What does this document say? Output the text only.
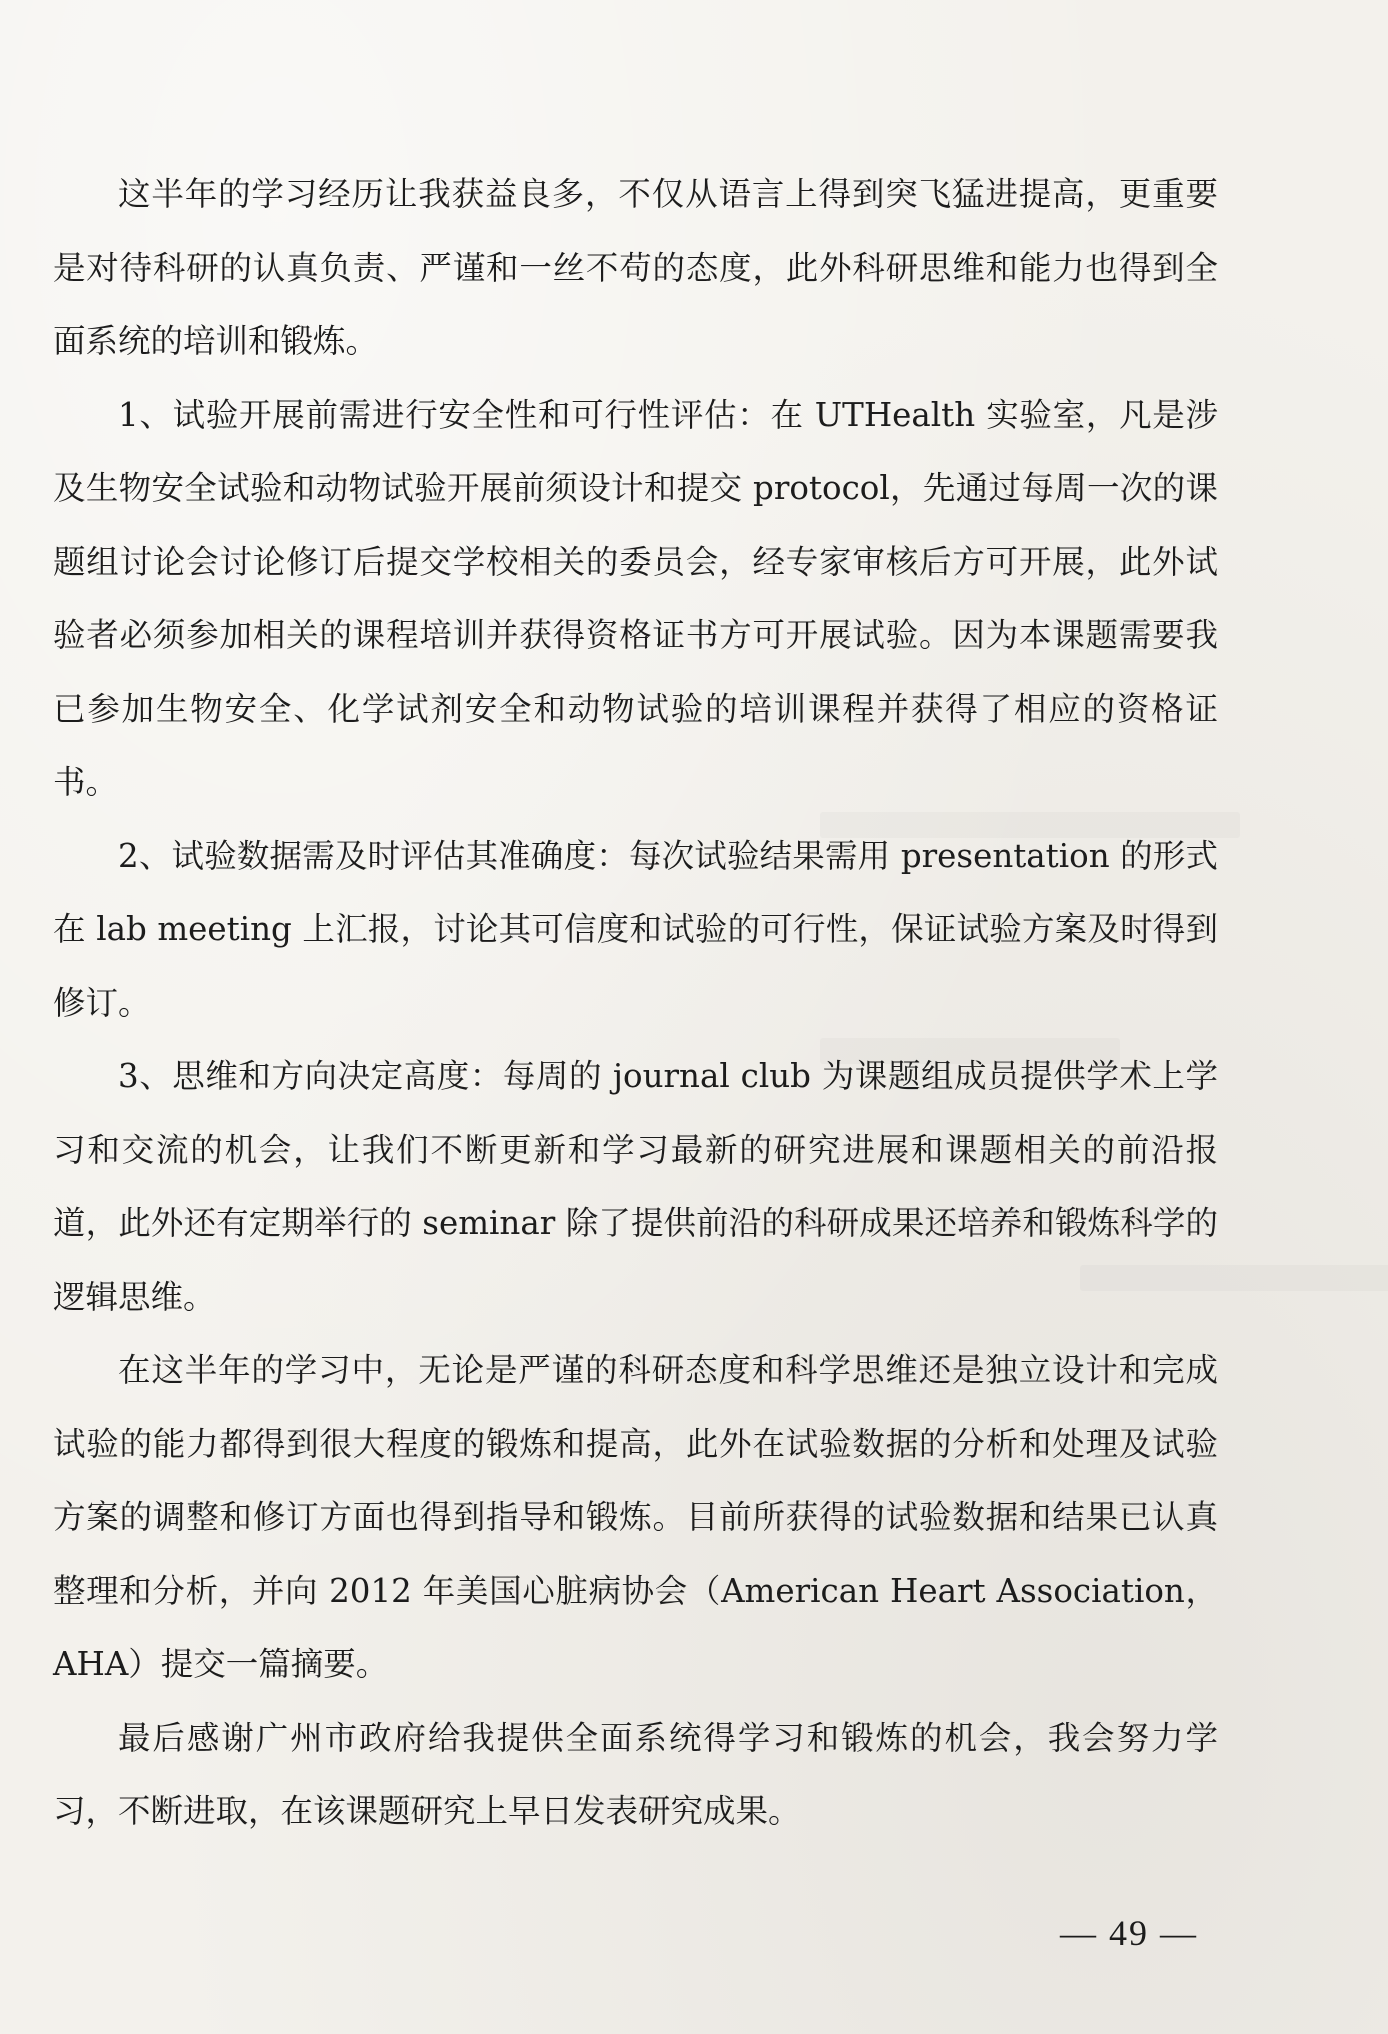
这半年的学习经历让我获益良多，不仅从语言上得到突飞猛进提高，更重要是对待科研的认真负责、严谨和一丝不苟的态度，此外科研思维和能力也得到全面系统的培训和锻炼。

1、试验开展前需进行安全性和可行性评估：在 UTHealth 实验室，凡是涉及生物安全试验和动物试验开展前须设计和提交 protocol，先通过每周一次的课题组讨论会讨论修订后提交学校相关的委员会，经专家审核后方可开展，此外试验者必须参加相关的课程培训并获得资格证书方可开展试验。因为本课题需要我已参加生物安全、化学试剂安全和动物试验的培训课程并获得了相应的资格证书。

2、试验数据需及时评估其准确度：每次试验结果需用 presentation 的形式在 lab meeting 上汇报，讨论其可信度和试验的可行性，保证试验方案及时得到修订。

3、思维和方向决定高度：每周的 journal club 为课题组成员提供学术上学习和交流的机会，让我们不断更新和学习最新的研究进展和课题相关的前沿报道，此外还有定期举行的 seminar 除了提供前沿的科研成果还培养和锻炼科学的逻辑思维。

在这半年的学习中，无论是严谨的科研态度和科学思维还是独立设计和完成试验的能力都得到很大程度的锻炼和提高，此外在试验数据的分析和处理及试验方案的调整和修订方面也得到指导和锻炼。目前所获得的试验数据和结果已认真整理和分析，并向 2012 年美国心脏病协会（American Heart Association，AHA）提交一篇摘要。

最后感谢广州市政府给我提供全面系统得学习和锻炼的机会，我会努力学习，不断进取，在该课题研究上早日发表研究成果。

— 49 —
